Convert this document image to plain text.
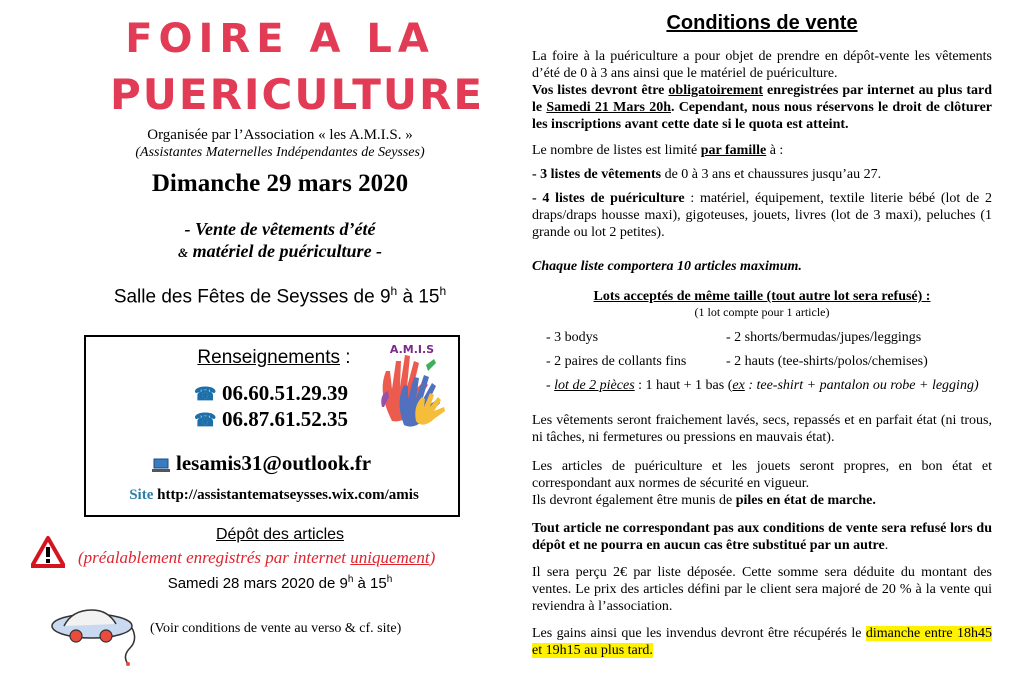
FOIRE A LA
PUERICULTURE
Organisée par l’Association « les A.M.I.S. »
(Assistantes Maternelles Indépendantes de Seysses)
Dimanche 29 mars 2020
- Vente de vêtements d’été
& matériel de puériculture -
Salle des Fêtes de Seysses de 9$^h$ à 15$^h$
Renseignements :	A.M.I.S
☎ 06.60.51.29.39
☎ 06.87.61.52.35
lesamis31@outlook.fr
Site http://assistantematseysses.wix.com/amis
Dépôt des articles
(préalablement enregistrés par internet uniquement)
Samedi 28 mars 2020 de 9$^h$ à 15$^h$
(Voir conditions de vente au verso & cf. site)
Conditions de vente
La foire à la puériculture a pour objet de prendre en dépôt-vente les vêtements d’été de 0 à 3 ans ainsi que le matériel de puériculture.
Vos listes devront être obligatoirement enregistrées par internet au plus tard le Samedi 21 Mars 20h. Cependant, nous nous réservons le droit de clôturer les inscriptions avant cette date si le quota est atteint.
Le nombre de listes est limité par famille à :
- 3 listes de vêtements de 0 à 3 ans et chaussures jusqu’au 27.
- 4 listes de puériculture : matériel, équipement, textile literie bébé (lot de 2 draps/draps housse maxi), gigoteuses, jouets, livres (lot de 3 maxi), peluches (1 grande ou lot 2 petites).
Chaque liste comportera 10 articles maximum.
Lots acceptés de même taille (tout autre lot sera refusé) :
(1 lot compte pour 1 article)
- 3 bodys	- 2 shorts/bermudas/jupes/leggings
- 2 paires de collants fins	- 2 hauts (tee-shirts/polos/chemises)
- lot de 2 pièces : 1 haut + 1 bas (ex : tee-shirt + pantalon ou robe + legging)
Les vêtements seront fraichement lavés, secs, repassés et en parfait état (ni trous, ni tâches, ni fermetures ou pressions en mauvais état).
Les articles de puériculture et les jouets seront propres, en bon état et correspondant aux normes de sécurité en vigueur.
Ils devront également être munis de piles en état de marche.
Tout article ne correspondant pas aux conditions de vente sera refusé lors du dépôt et ne pourra en aucun cas être substitué par un autre.
Il sera perçu 2€ par liste déposée. Cette somme sera déduite du montant des ventes. Le prix des articles défini par le client sera majoré de 20 % à la vente qui reviendra à l’association.
Les gains ainsi que les invendus devront être récupérés le dimanche entre 18h45 et 19h15 au plus tard.
